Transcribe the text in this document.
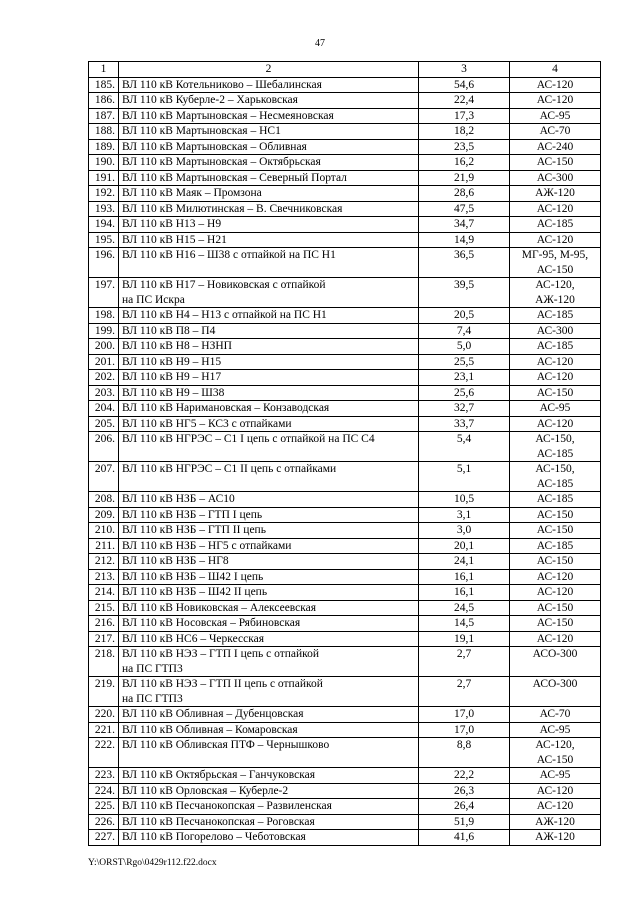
47
1	2	3	4
185.	ВЛ 110 кВ Котельниково – Шебалинская	54,6	АС-120
186.	ВЛ 110 кВ Куберле-2 – Харьковская	22,4	АС-120
187.	ВЛ 110 кВ Мартыновская – Несмеяновская	17,3	АС-95
188.	ВЛ 110 кВ Мартыновская – НС1	18,2	АС-70
189.	ВЛ 110 кВ Мартыновская – Обливная	23,5	АС-240
190.	ВЛ 110 кВ Мартыновская – Октябрьская	16,2	АС-150
191.	ВЛ 110 кВ Мартыновская – Северный Портал	21,9	АС-300
192.	ВЛ 110 кВ Маяк – Промзона	28,6	АЖ-120
193.	ВЛ 110 кВ Милютинская – В. Свечниковская	47,5	АС-120
194.	ВЛ 110 кВ Н13 – Н9	34,7	АС-185
195.	ВЛ 110 кВ Н15 – Н21	14,9	АС-120
196.	ВЛ 110 кВ Н16 – Ш38 с отпайкой на ПС Н1	36,5	МГ-95, М-95,
АС-150
197.	ВЛ 110 кВ Н17 – Новиковская с отпайкой
на ПС Искра	39,5	АС-120,
АЖ-120
198.	ВЛ 110 кВ Н4 – Н13 с отпайкой на ПС Н1	20,5	АС-185
199.	ВЛ 110 кВ П8 – П4	7,4	АС-300
200.	ВЛ 110 кВ Н8 – НЗНП	5,0	АС-185
201.	ВЛ 110 кВ Н9 – Н15	25,5	АС-120
202.	ВЛ 110 кВ Н9 – Н17	23,1	АС-120
203.	ВЛ 110 кВ Н9 – Ш38	25,6	АС-150
204.	ВЛ 110 кВ Наримановская – Конзаводская	32,7	АС-95
205.	ВЛ 110 кВ НГ5 – КС3 с отпайками	33,7	АС-120
206.	ВЛ 110 кВ НГРЭС – С1 I цепь с отпайкой на ПС С4	5,4	АС-150,
АС-185
207.	ВЛ 110 кВ НГРЭС – С1 II цепь с отпайками	5,1	АС-150,
АС-185
208.	ВЛ 110 кВ НЗБ – АС10	10,5	АС-185
209.	ВЛ 110 кВ НЗБ – ГТП I цепь	3,1	АС-150
210.	ВЛ 110 кВ НЗБ – ГТП II цепь	3,0	АС-150
211.	ВЛ 110 кВ НЗБ – НГ5 с отпайками	20,1	АС-185
212.	ВЛ 110 кВ НЗБ – НГ8	24,1	АС-150
213.	ВЛ 110 кВ НЗБ – Ш42 I цепь	16,1	АС-120
214.	ВЛ 110 кВ НЗБ – Ш42 II цепь	16,1	АС-120
215.	ВЛ 110 кВ Новиковская – Алексеевская	24,5	АС-150
216.	ВЛ 110 кВ Носовская – Рябиновская	14,5	АС-150
217.	ВЛ 110 кВ НС6 – Черкесская	19,1	АС-120
218.	ВЛ 110 кВ НЭЗ – ГТП I цепь с отпайкой
на ПС ГТП3	2,7	АСО-300
219.	ВЛ 110 кВ НЭЗ – ГТП II цепь с отпайкой
на ПС ГТП3	2,7	АСО-300
220.	ВЛ 110 кВ Обливная – Дубенцовская	17,0	АС-70
221.	ВЛ 110 кВ Обливная – Комаровская	17,0	АС-95
222.	ВЛ 110 кВ Обливская ПТФ – Чернышково	8,8	АС-120,
АС-150
223.	ВЛ 110 кВ Октябрьская – Ганчуковская	22,2	АС-95
224.	ВЛ 110 кВ Орловская – Куберле-2	26,3	АС-120
225.	ВЛ 110 кВ Песчанокопская – Развиленская	26,4	АС-120
226.	ВЛ 110 кВ Песчанокопская – Роговская	51,9	АЖ-120
227.	ВЛ 110 кВ Погорелово – Чеботовская	41,6	АЖ-120
Y:\ORST\Rgo\0429r112.f22.docx
